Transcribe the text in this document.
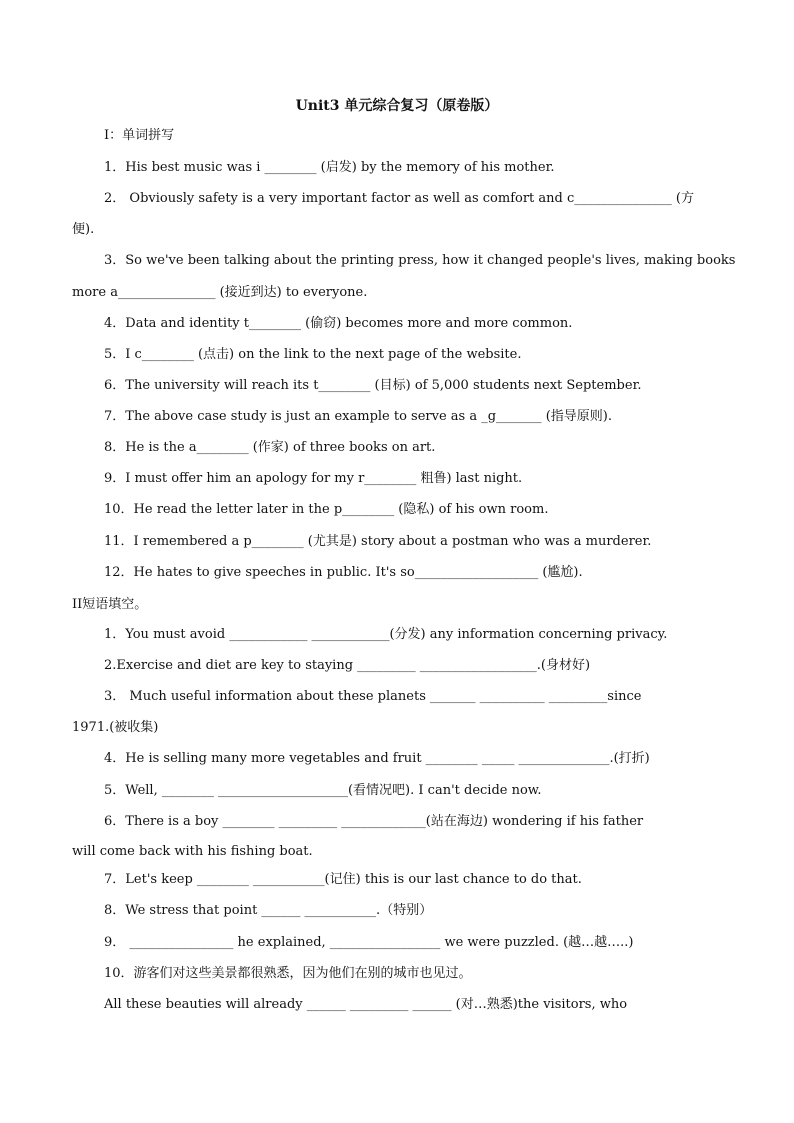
Unit3 单元综合复习（原卷版）
I：单词拼写
1．His best music was i ________ (启发) by the memory of his mother.
2． Obviously safety is a very important factor as well as comfort and c_______________ (方
便).
3．So we've been talking about the printing press, how it changed people's lives, making books
more a_______________ (接近到达) to everyone.
4．Data and identity t________ (偷窃) becomes more and more common.
5．I c________ (点击) on the link to the next page of the website.
6．The university will reach its t________ (目标) of 5,000 students next September.
7．The above case study is just an example to serve as a _g_______ (指导原则).
8．He is the a________ (作家) of three books on art.
9．I must offer him an apology for my r________ 粗鲁) last night.
10．He read the letter later in the p________ (隐私) of his own room.
11．I remembered a p________ (尤其是) story about a postman who was a murderer.
12．He hates to give speeches in public. It's so___________________ (尴尬).
II短语填空。
1．You must avoid ____________ ____________(分发) any information concerning privacy.
2.Exercise and diet are key to staying _________ __________________.(身材好)
3． Much useful information about these planets _______ __________ _________since
1971.(被收集)
4．He is selling many more vegetables and fruit ________ _____ ______________.(打折)
5．Well, ________ ____________________(看情况吧). I can't decide now.
6．There is a boy ________ _________ _____________(站在海边) wondering if his father
will come back with his fishing boat.
7．Let's keep ________ ___________(记住) this is our last chance to do that.
8．We stress that point ______ ___________.（特别）
9． ________________ he explained, _________________ we were puzzled. (越…越…..)
10．游客们对这些美景都很熟悉，因为他们在别的城市也见过。
All these beauties will already ______ _________ ______ (对…熟悉)the visitors, who
